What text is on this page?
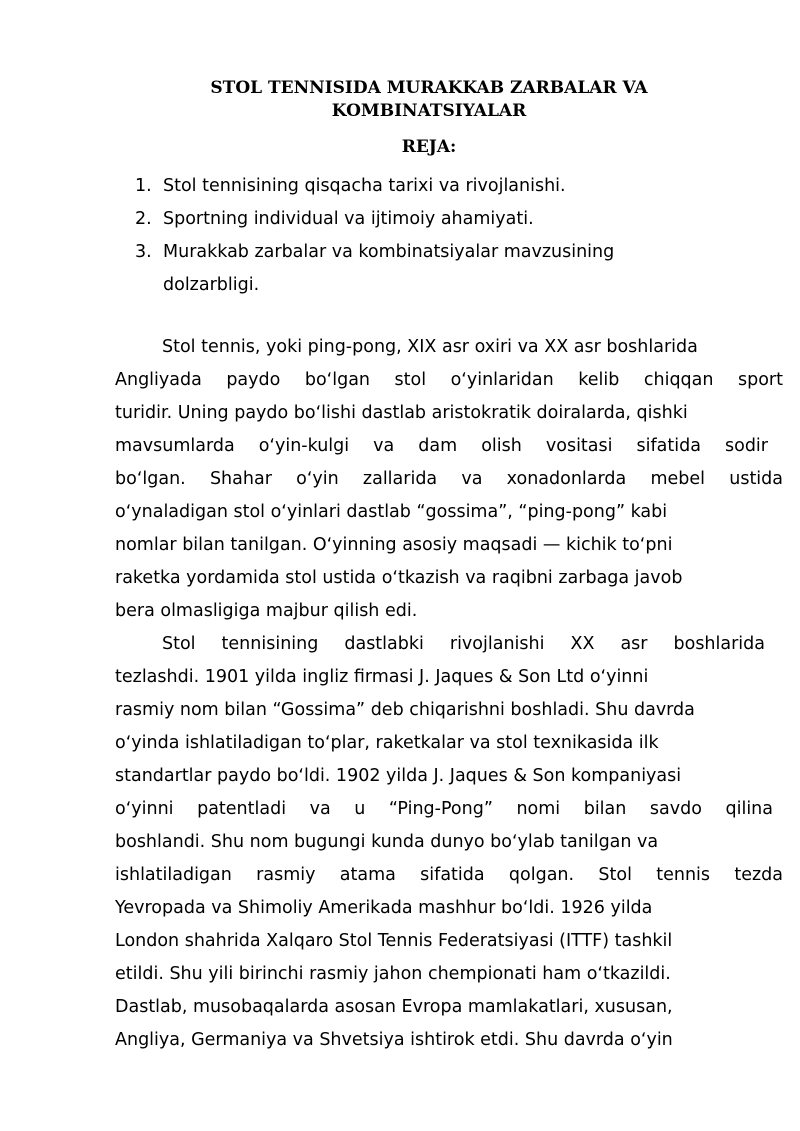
STOL TENNISIDA MURAKKAB ZARBALAR VA

KOMBINATSIYALAR

REJA:

1. Stol tennisining qisqacha tarixi va rivojlanishi.
2. Sportning individual va ijtimoiy ahamiyati.
3. Murakkab zarbalar va kombinatsiyalar mavzusining
dolzarbligi.

Stol tennis, yoki ping-pong, XIX asr oxiri va XX asr boshlarida

Angliyada paydo boʻlgan stol oʻyinlaridan kelib chiqqan sport

turidir. Uning paydo boʻlishi dastlab aristokratik doiralarda, qishki

mavsumlarda oʻyin-kulgi va dam olish vositasi sifatida sodir

boʻlgan. Shahar oʻyin zallarida va xonadonlarda mebel ustida

oʻynaladigan stol oʻyinlari dastlab “gossima”, “ping-pong” kabi

nomlar bilan tanilgan. Oʻyinning asosiy maqsadi — kichik toʻpni

raketka yordamida stol ustida oʻtkazish va raqibni zarbaga javob

bera olmasligiga majbur qilish edi.

Stol tennisining dastlabki rivojlanishi XX asr boshlarida

tezlashdi. 1901 yilda ingliz firmasi J. Jaques & Son Ltd oʻyinni

rasmiy nom bilan “Gossima” deb chiqarishni boshladi. Shu davrda

oʻyinda ishlatiladigan toʻplar, raketkalar va stol texnikasida ilk

standartlar paydo boʻldi. 1902 yilda J. Jaques & Son kompaniyasi

oʻyinni patentladi va u “Ping-Pong” nomi bilan savdo qilina

boshlandi. Shu nom bugungi kunda dunyo boʻylab tanilgan va

ishlatiladigan rasmiy atama sifatida qolgan. Stol tennis tezda

Yevropada va Shimoliy Amerikada mashhur boʻldi. 1926 yilda

London shahrida Xalqaro Stol Tennis Federatsiyasi (ITTF) tashkil

etildi. Shu yili birinchi rasmiy jahon chempionati ham oʻtkazildi.

Dastlab, musobaqalarda asosan Evropa mamlakatlari, xususan,

Angliya, Germaniya va Shvetsiya ishtirok etdi. Shu davrda oʻyin
